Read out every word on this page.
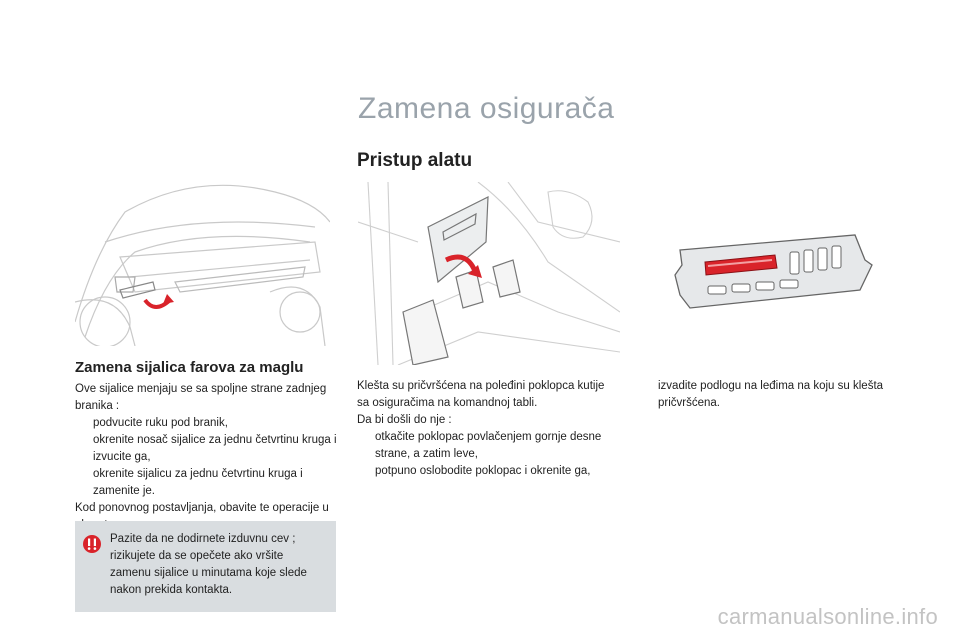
Zamena osigurača
Pristup alatu
Zamena sijalica farova za maglu
Ove sijalice menjaju se sa spoljne strane zadnjeg branika :
podvucite ruku pod branik,
okrenite nosač sijalice za jednu četvrtinu kruga i izvucite ga,
okrenite sijalicu za jednu četvrtinu kruga i zamenite je.
Kod ponovnog postavljanja, obavite te operacije u
Pazite da ne dodirnete izduvnu cev ; rizikujete da se opečete ako vršite zamenu sijalice u minutama koje slede nakon prekida kontakta.
Klešta su pričvršćena na poleđini poklopca kutije sa osiguračima na komandnoj tabli.
Da bi došli do nje :
otkačite poklopac povlačenjem gornje desne strane, a zatim leve,
potpuno oslobodite poklopac i okrenite ga,
izvadite podlogu na leđima na koju su klešta pričvršćena.
carmanualsonline.info
